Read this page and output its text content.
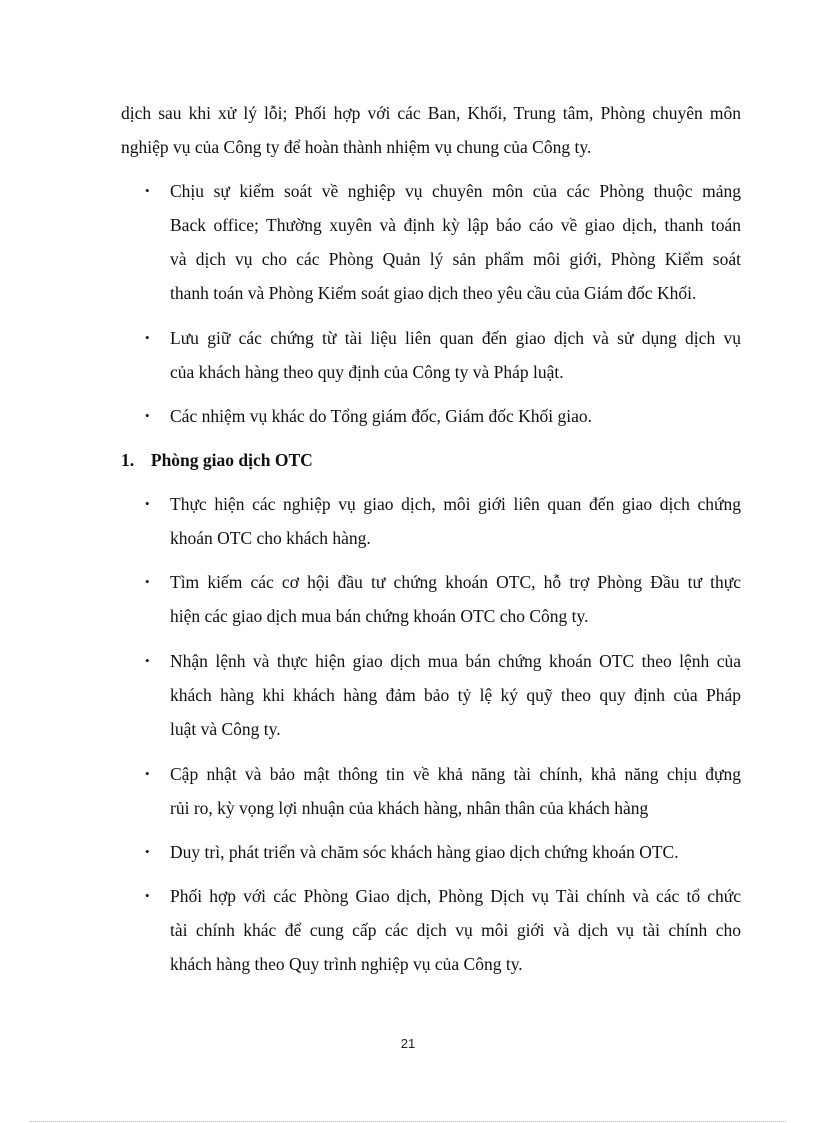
dịch sau khi xử lý lỗi; Phối hợp với các Ban, Khối, Trung tâm, Phòng chuyên môn
nghiệp vụ của Công ty để hoàn thành nhiệm vụ chung của Công ty.
•	Chịu sự kiểm soát về nghiệp vụ chuyên môn của các Phòng thuộc mảng
Back office; Thường xuyên và định kỳ lập báo cáo về giao dịch, thanh toán
và dịch vụ cho các Phòng Quản lý sản phẩm môi giới, Phòng Kiểm soát
thanh toán và Phòng Kiểm soát giao dịch theo yêu cầu của Giám đốc Khối.
•	Lưu giữ các chứng từ tài liệu liên quan đến giao dịch và sử dụng dịch vụ
của khách hàng theo quy định của Công ty và Pháp luật.
•	Các nhiệm vụ khác do Tổng giám đốc, Giám đốc Khối giao.
1. Phòng giao dịch OTC
•	Thực hiện các nghiệp vụ giao dịch, môi giới liên quan đến giao dịch chứng
khoán OTC cho khách hàng.
•	Tìm kiếm các cơ hội đầu tư chứng khoán OTC, hỗ trợ Phòng Đầu tư thực
hiện các giao dịch mua bán chứng khoán OTC cho Công ty.
•	Nhận lệnh và thực hiện giao dịch mua bán chứng khoán OTC theo lệnh của
khách hàng khi khách hàng đảm bảo tỷ lệ ký quỹ theo quy định của Pháp
luật và Công ty.
•	Cập nhật và bảo mật thông tin về khả năng tài chính, khả năng chịu đựng
rủi ro, kỳ vọng lợi nhuận của khách hàng, nhân thân của khách hàng
•	Duy trì, phát triển và chăm sóc khách hàng giao dịch chứng khoán OTC.
•	Phối hợp với các Phòng Giao dịch, Phòng Dịch vụ Tài chính và các tổ chức
tài chính khác để cung cấp các dịch vụ môi giới và dịch vụ tài chính cho
khách hàng theo Quy trình nghiệp vụ của Công ty.
21
